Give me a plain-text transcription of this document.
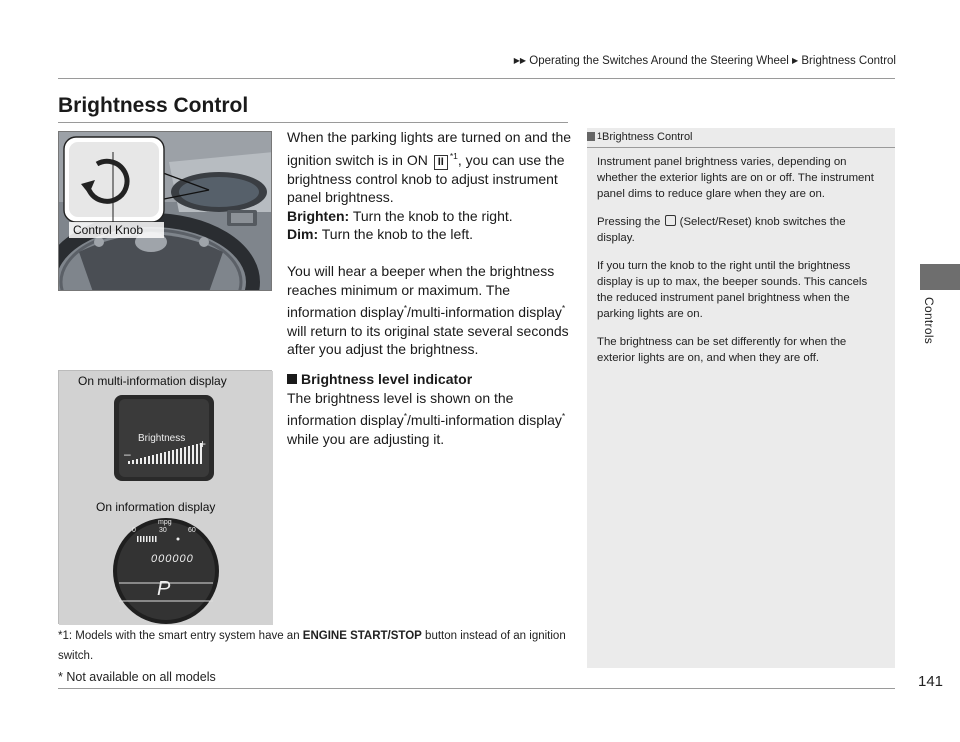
▶▶ Operating the Switches Around the Steering Wheel ▶ Brightness Control
Controls
141
Brightness Control
Control Knob
On multi-information display
On information display
Brightness
–
+
mpg
0	30	60
000000
P

When the parking lights are turned on and the ignition switch is in ON II $^{*1}$, you can use the brightness control knob to adjust instrument panel brightness.

Brighten: Turn the knob to the right.

Dim: Turn the knob to the left.

You will hear a beeper when the brightness reaches minimum or maximum. The information display*/multi-information display* will return to its original state several seconds after you adjust the brightness.

Brightness level indicator

The brightness level is shown on the information display*/multi-information display* while you are adjusting it.

*1: Models with the smart entry system have an ENGINE START/STOP button instead of an ignition switch.
1Brightness Control

Instrument panel brightness varies, depending on whether the exterior lights are on or off. The instrument panel dims to reduce glare when they are on.

Pressing the  (Select/Reset) knob switches the display.

If you turn the knob to the right until the brightness display is up to max, the beeper sounds. This cancels the reduced instrument panel brightness when the parking lights are on.

The brightness can be set differently for when the exterior lights are on, and when they are off.

* Not available on all models
